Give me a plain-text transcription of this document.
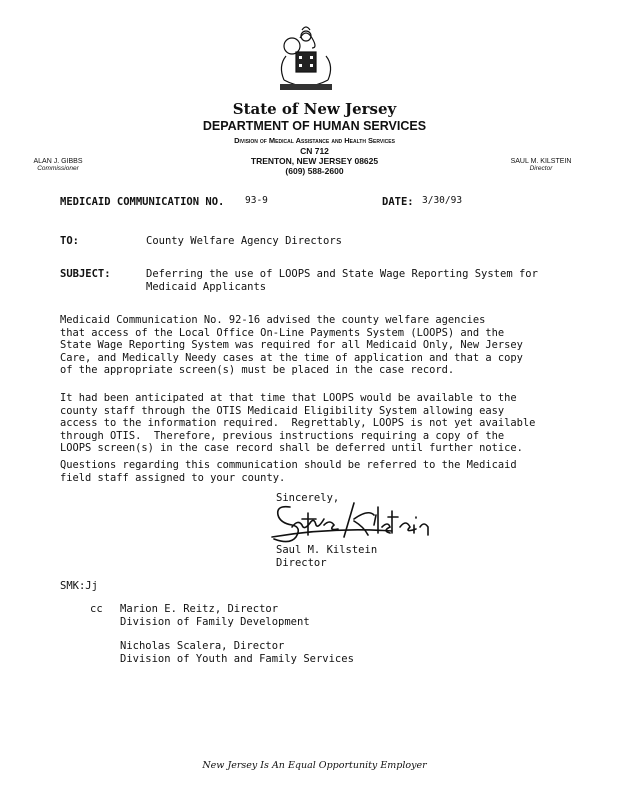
State of New Jersey
DEPARTMENT OF HUMAN SERVICES
Division of Medical Assistance and Health Services
CN 712
TRENTON, NEW JERSEY 08625
(609) 588-2600
ALAN J. GIBBS
Commissioner
SAUL M. KILSTEIN
Director
MEDICAID COMMUNICATION NO. 93-9	DATE: 3/30/93
TO:	County Welfare Agency Directors
SUBJECT:	Deferring the use of LOOPS and State Wage Reporting System for
Medicaid Applicants
Medicaid Communication No. 92-16 advised the county welfare agencies
that access of the Local Office On-Line Payments System (LOOPS) and the
State Wage Reporting System was required for all Medicaid Only, New Jersey
Care, and Medically Needy cases at the time of application and that a copy
of the appropriate screen(s) must be placed in the case record.
It had been anticipated at that time that LOOPS would be available to the
county staff through the OTIS Medicaid Eligibility System allowing easy
access to the information required.  Regrettably, LOOPS is not yet available
through OTIS.  Therefore, previous instructions requiring a copy of the
LOOPS screen(s) in the case record shall be deferred until further notice.
Questions regarding this communication should be referred to the Medicaid
field staff assigned to your county.
Sincerely,
Saul M. Kilstein
Director
SMK:Jj
cc Marion E. Reitz, Director
Division of Family Development
Nicholas Scalera, Director
Division of Youth and Family Services
New Jersey Is An Equal Opportunity Employer
